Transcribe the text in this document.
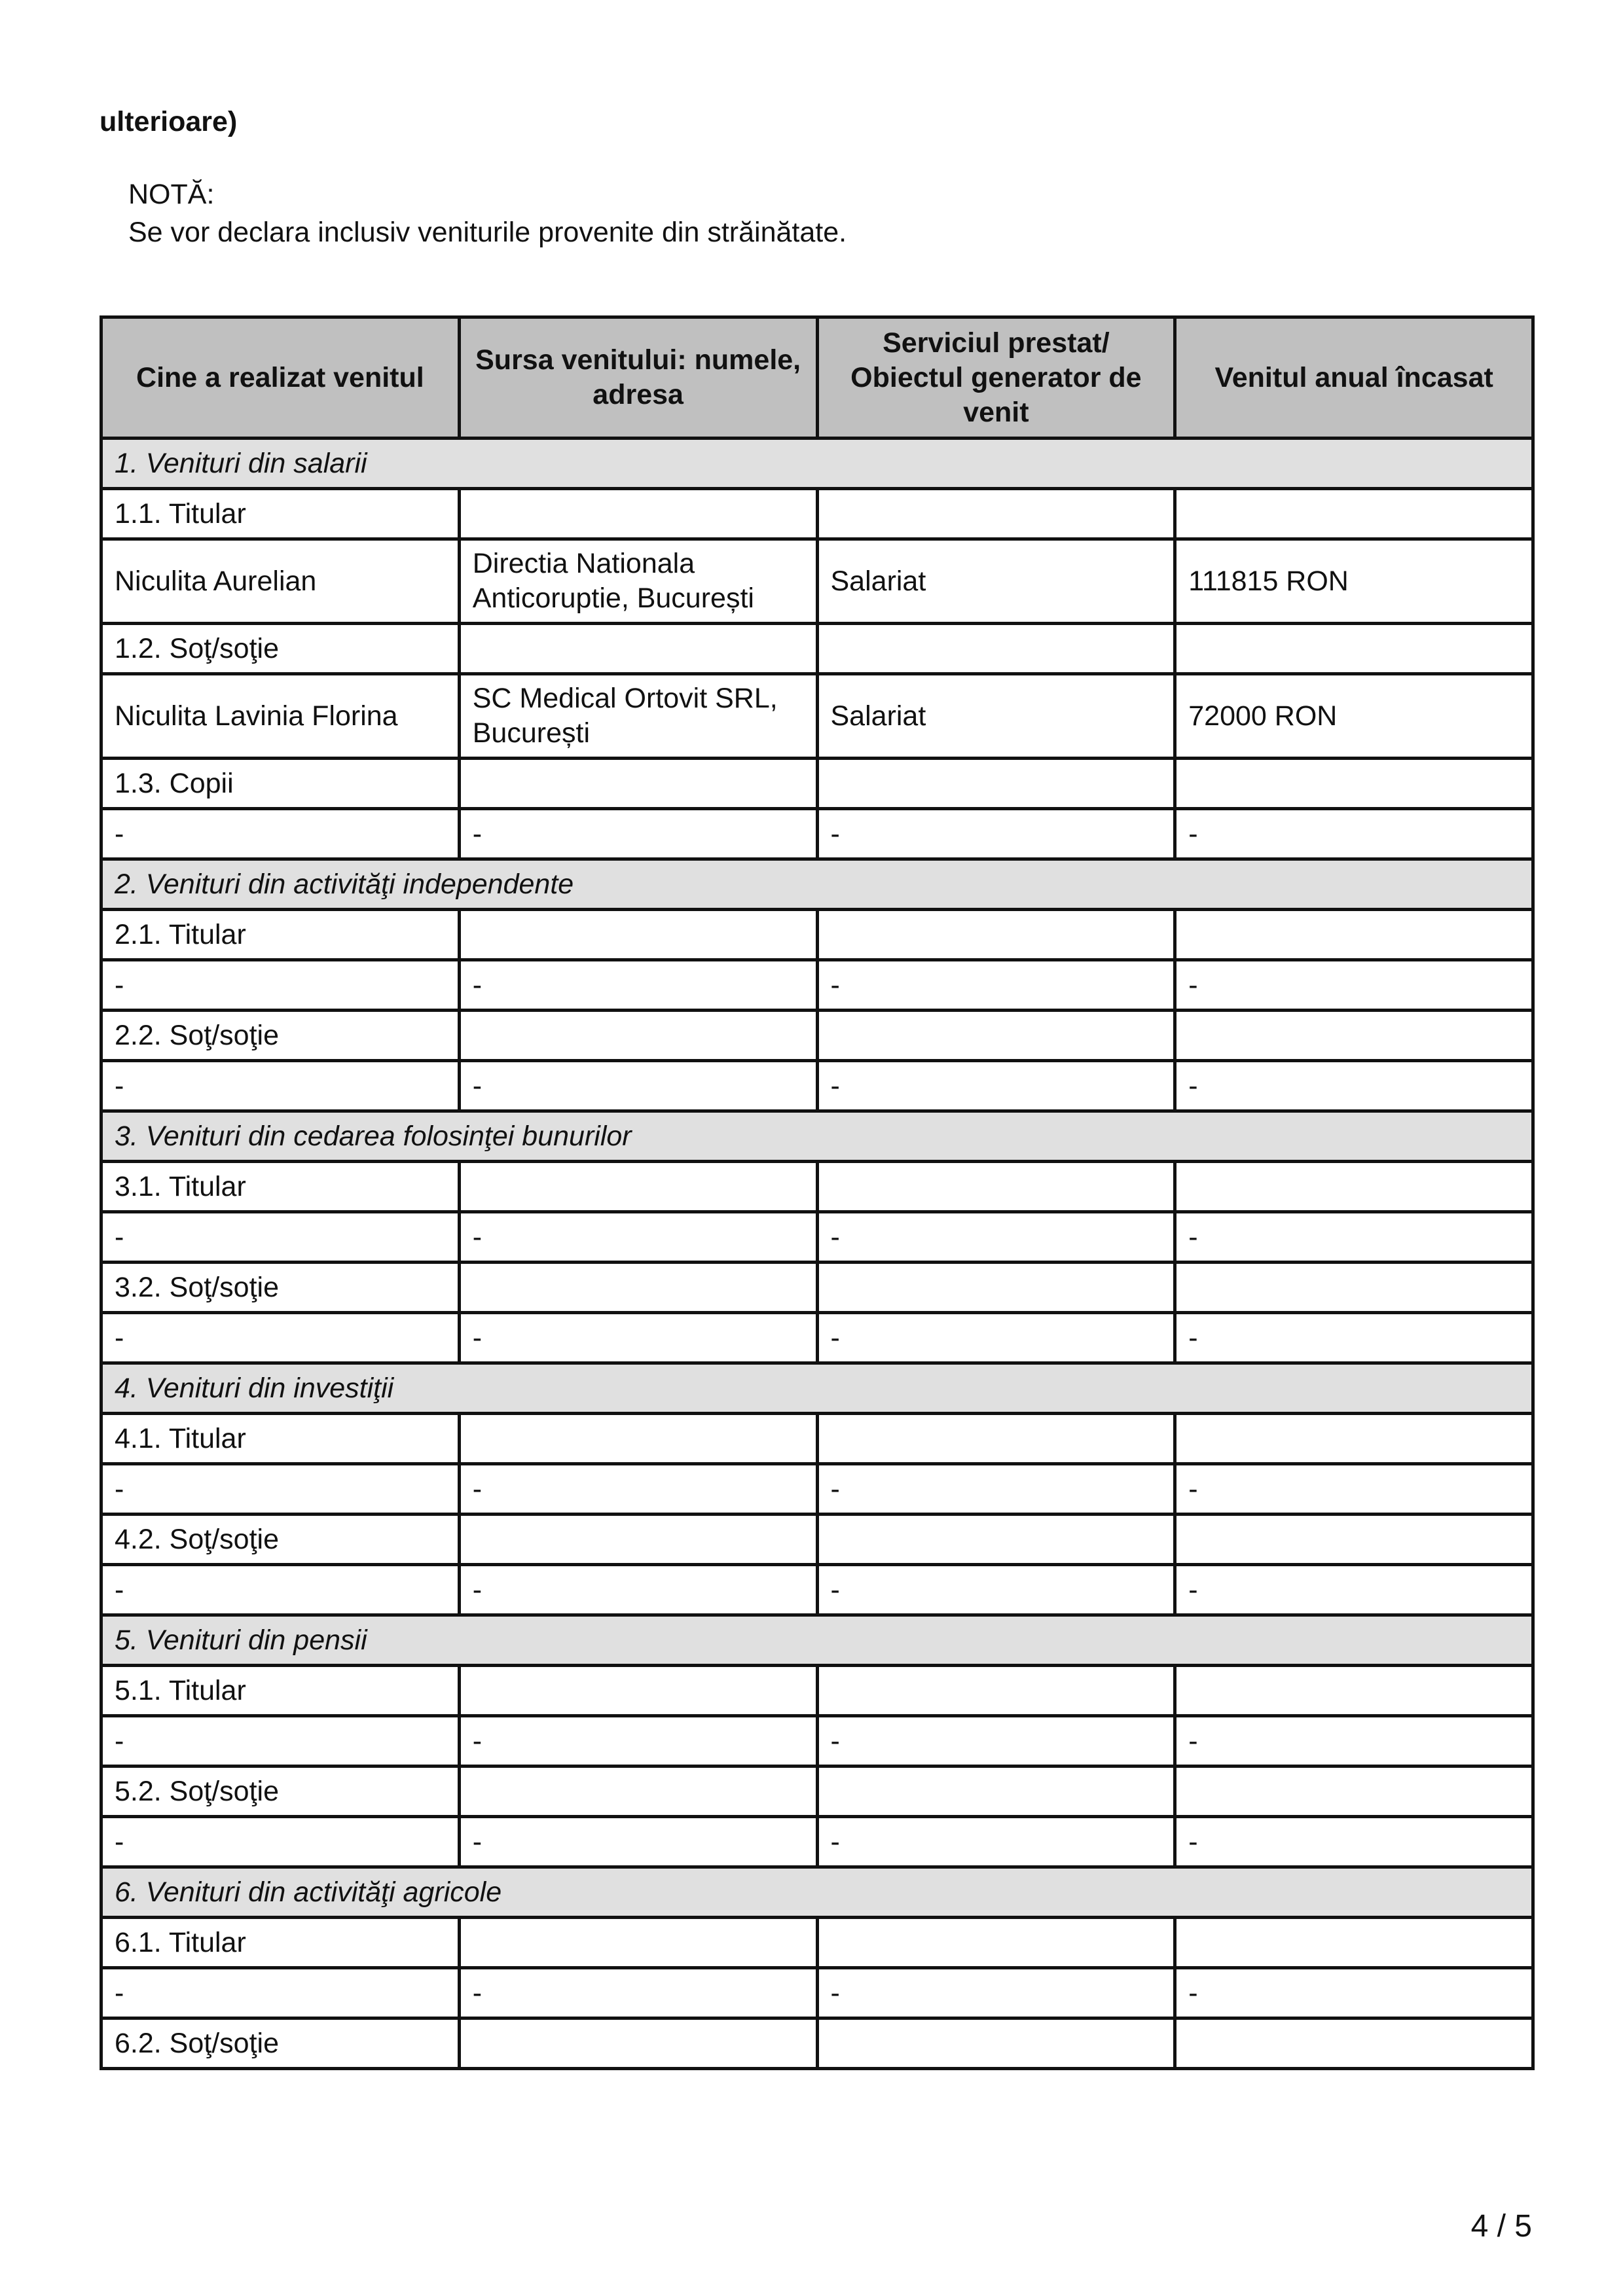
ulterioare)
NOTĂ:
Se vor declara inclusiv veniturile provenite din străinătate.
Cine a realizat venitul	Sursa venitului: numele, adresa	Serviciul prestat/ Obiectul generator de venit	Venitul anual încasat
1. Venituri din salarii			
1.1. Titular			
Niculita Aurelian	Directia Nationala Anticoruptie, București	Salariat	111815 RON
1.2. Soţ/soţie			
Niculita Lavinia Florina	SC Medical Ortovit SRL, București	Salariat	72000 RON
1.3. Copii			
-	-	-	-
2. Venituri din activităţi independente			
2.1. Titular			
-	-	-	-
2.2. Soţ/soţie			
-	-	-	-
3. Venituri din cedarea folosinţei bunurilor			
3.1. Titular			
-	-	-	-
3.2. Soţ/soţie			
-	-	-	-
4. Venituri din investiţii			
4.1. Titular			
-	-	-	-
4.2. Soţ/soţie			
-	-	-	-
5. Venituri din pensii			
5.1. Titular			
-	-	-	-
5.2. Soţ/soţie			
-	-	-	-
6. Venituri din activităţi agricole			
6.1. Titular			
-	-	-	-
6.2. Soţ/soţie			
4 / 5
